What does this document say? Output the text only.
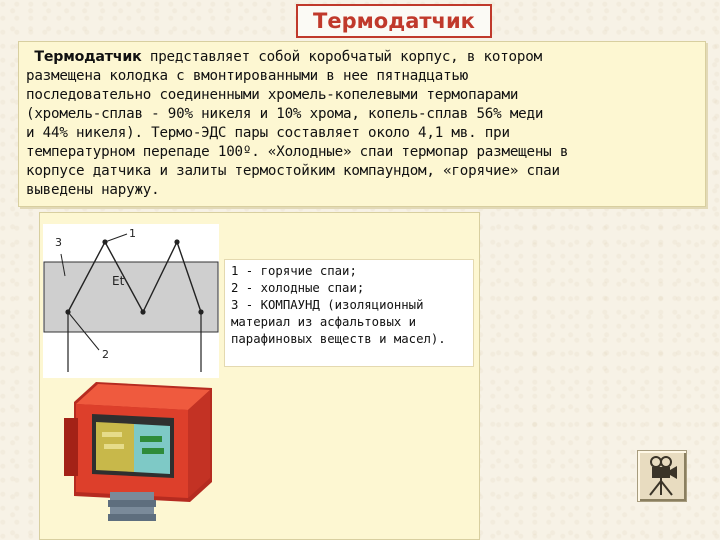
Термодатчик
Термодатчик представляет собой коробчатый корпус, в котором
размещена колодка с вмонтированными в нее пятнадцатью
последовательно соединенными хромель-копелевыми термопарами
(хромель-сплав - 90% никеля и 10% хрома, копель-сплав 56% меди
и 44% никеля). Термо-ЭДС пары составляет около 4,1 мв. при
температурном перепаде 100º. «Холодные» спаи термопар размещены в
корпусе датчика и залиты термостойким компаундом, «горячие» спаи
выведены наружу.
1
2
3
Et
1 - горячие спаи;
2 - холодные спаи;
3 - КОМПАУНД (изоляционный
материал из асфальтовых и
парафиновых веществ и масел).
